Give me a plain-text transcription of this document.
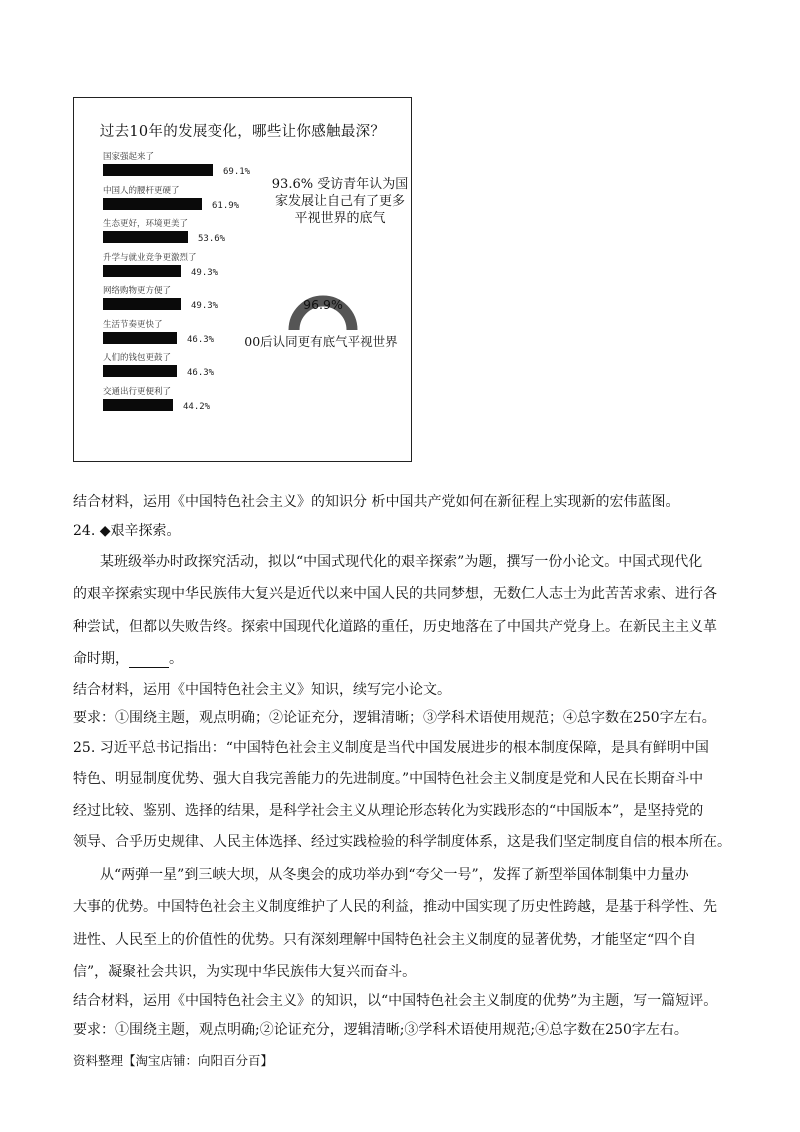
过去10年的发展变化，哪些让你感触最深？
国家强起来了
69.1%
中国人的腰杆更硬了
61.9%
生态更好，环境更美了
53.6%
升学与就业竞争更激烈了
49.3%
网络购物更方便了
49.3%
生活节奏更快了
46.3%
人们的钱包更鼓了
46.3%
交通出行更便利了
44.2%
93.6% 受访青年认为国家发展让自己有了更多平视世界的底气
96.9%
00后认同更有底气平视世界
结合材料，运用《中国特色社会主义》的知识分 析中国共产党如何在新征程上实现新的宏伟蓝图。
24. ◆艰辛探索。
某班级举办时政探究活动，拟以“中国式现代化的艰辛探索”为题，撰写一份小论文。中国式现代化
的艰辛探索实现中华民族伟大复兴是近代以来中国人民的共同梦想，无数仁人志士为此苦苦求索、进行各
种尝试，但都以失败告终。探索中国现代化道路的重任，历史地落在了中国共产党身上。在新民主主义革
命时期，	。
结合材料，运用《中国特色社会主义》知识，续写完小论文。
要求：①围绕主题，观点明确；②论证充分，逻辑清晰；③学科术语使用规范；④总字数在250字左右。
25. 习近平总书记指出：“中国特色社会主义制度是当代中国发展进步的根本制度保障，是具有鲜明中国
特色、明显制度优势、强大自我完善能力的先进制度。”中国特色社会主义制度是党和人民在长期奋斗中
经过比较、鉴别、选择的结果，是科学社会主义从理论形态转化为实践形态的“中国版本”，是坚持党的
领导、合乎历史规律、人民主体选择、经过实践检验的科学制度体系，这是我们坚定制度自信的根本所在。
从“两弹一星”到三峡大坝，从冬奥会的成功举办到“夸父一号”，发挥了新型举国体制集中力量办
大事的优势。中国特色社会主义制度维护了人民的利益，推动中国实现了历史性跨越，是基于科学性、先
进性、人民至上的价值性的优势。只有深刻理解中国特色社会主义制度的显著优势，才能坚定“四个自
信”，凝聚社会共识，为实现中华民族伟大复兴而奋斗。
结合材料，运用《中国特色社会主义》的知识，以“中国特色社会主义制度的优势”为主题，写一篇短评。
要求：①围绕主题，观点明确;②论证充分，逻辑清晰;③学科术语使用规范;④总字数在250字左右。
资料整理【淘宝店铺：向阳百分百】
